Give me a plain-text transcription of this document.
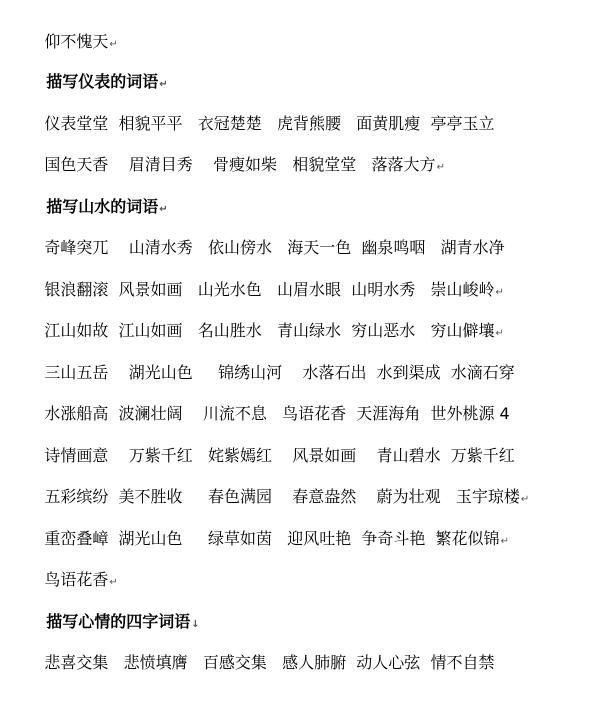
仰不愧天↵

描写仪表的词语↵

仪表堂堂  相貌平平   衣冠楚楚   虎背熊腰   面黄肌瘦  亭亭玉立

国色天香    眉清目秀    骨瘦如柴   相貌堂堂   落落大方↵

描写山水的词语↵

奇峰突兀    山清水秀   依山傍水   海天一色  幽泉鸣咽   湖青水净

银浪翻滚  风景如画   山光水色   山眉水眼  山明水秀   崇山峻岭↵

江山如故  江山如画   名山胜水   青山绿水  穷山恶水   穷山僻壤↵

三山五岳    湖光山色     锦绣山河    水落石出  水到渠成  水滴石穿

水涨船高  波澜壮阔    川流不息   鸟语花香  天涯海角  世外桃源 4

诗情画意    万紫千红   姹紫嫣红    风景如画    青山碧水  万紫千红

五彩缤纷  美不胜收     春色满园    春意盎然    蔚为壮观   玉宇琼楼↵

重峦叠嶂  湖光山色     绿草如茵   迎风吐艳  争奇斗艳  繁花似锦↵

鸟语花香↵

描写心情的四字词语↓

悲喜交集   悲愤填膺   百感交集   感人肺腑  动人心弦  情不自禁
